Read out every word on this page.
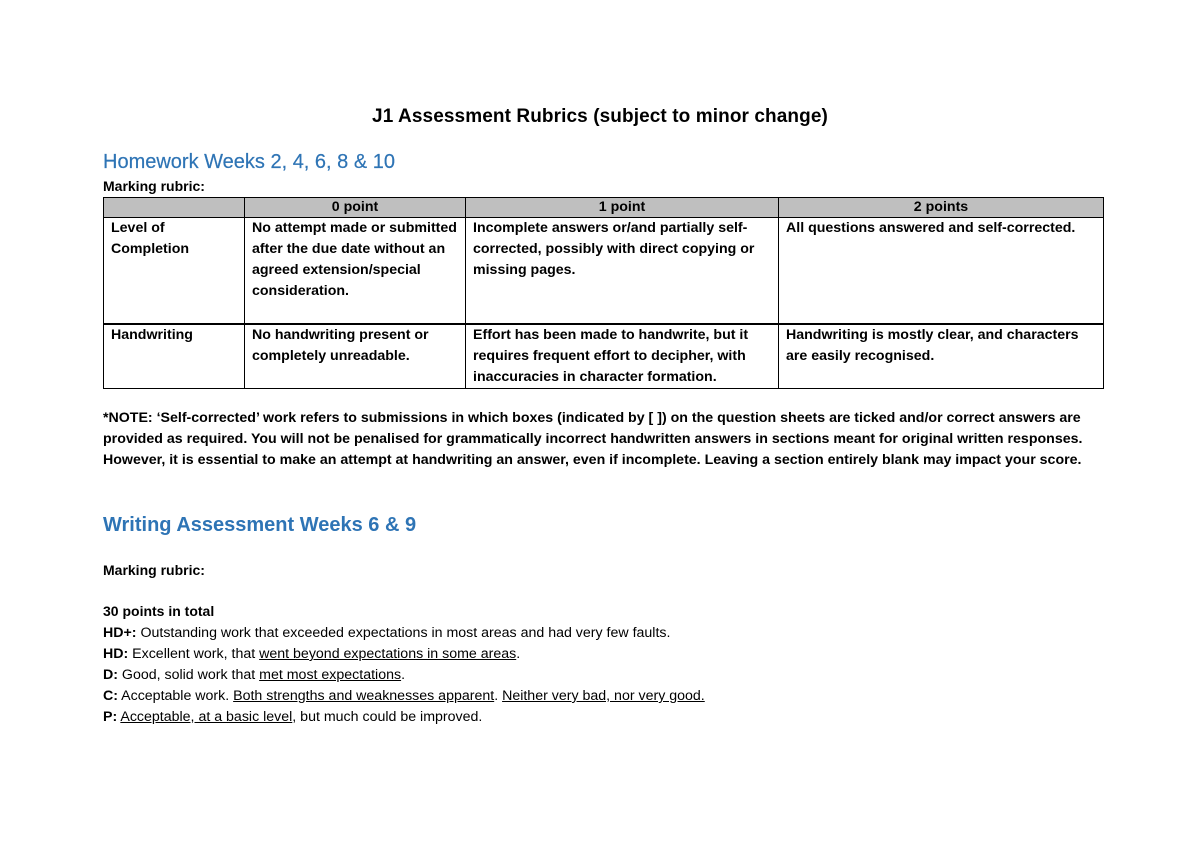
J1 Assessment Rubrics (subject to minor change)
Homework Weeks 2, 4, 6, 8 & 10
Marking rubric:
	0 point	1 point	2 points
Level of Completion	No attempt made or submitted after the due date without an agreed extension/special consideration.	Incomplete answers or/and partially self-corrected, possibly with direct copying or missing pages.	All questions answered and self-corrected.
Handwriting	No handwriting present or completely unreadable.	Effort has been made to handwrite, but it requires frequent effort to decipher, with inaccuracies in character formation.	Handwriting is mostly clear, and characters are easily recognised.
*NOTE: ‘Self-corrected’ work refers to submissions in which boxes (indicated by [ ]) on the question sheets are ticked and/or correct answers are provided as required. You will not be penalised for grammatically incorrect handwritten answers in sections meant for original written responses. However, it is essential to make an attempt at handwriting an answer, even if incomplete. Leaving a section entirely blank may impact your score.
Writing Assessment Weeks 6 & 9
Marking rubric:
30 points in total
HD+: Outstanding work that exceeded expectations in most areas and had very few faults.
HD: Excellent work, that went beyond expectations in some areas.
D: Good, solid work that met most expectations.
C: Acceptable work. Both strengths and weaknesses apparent. Neither very bad, nor very good.
P: Acceptable, at a basic level, but much could be improved.
